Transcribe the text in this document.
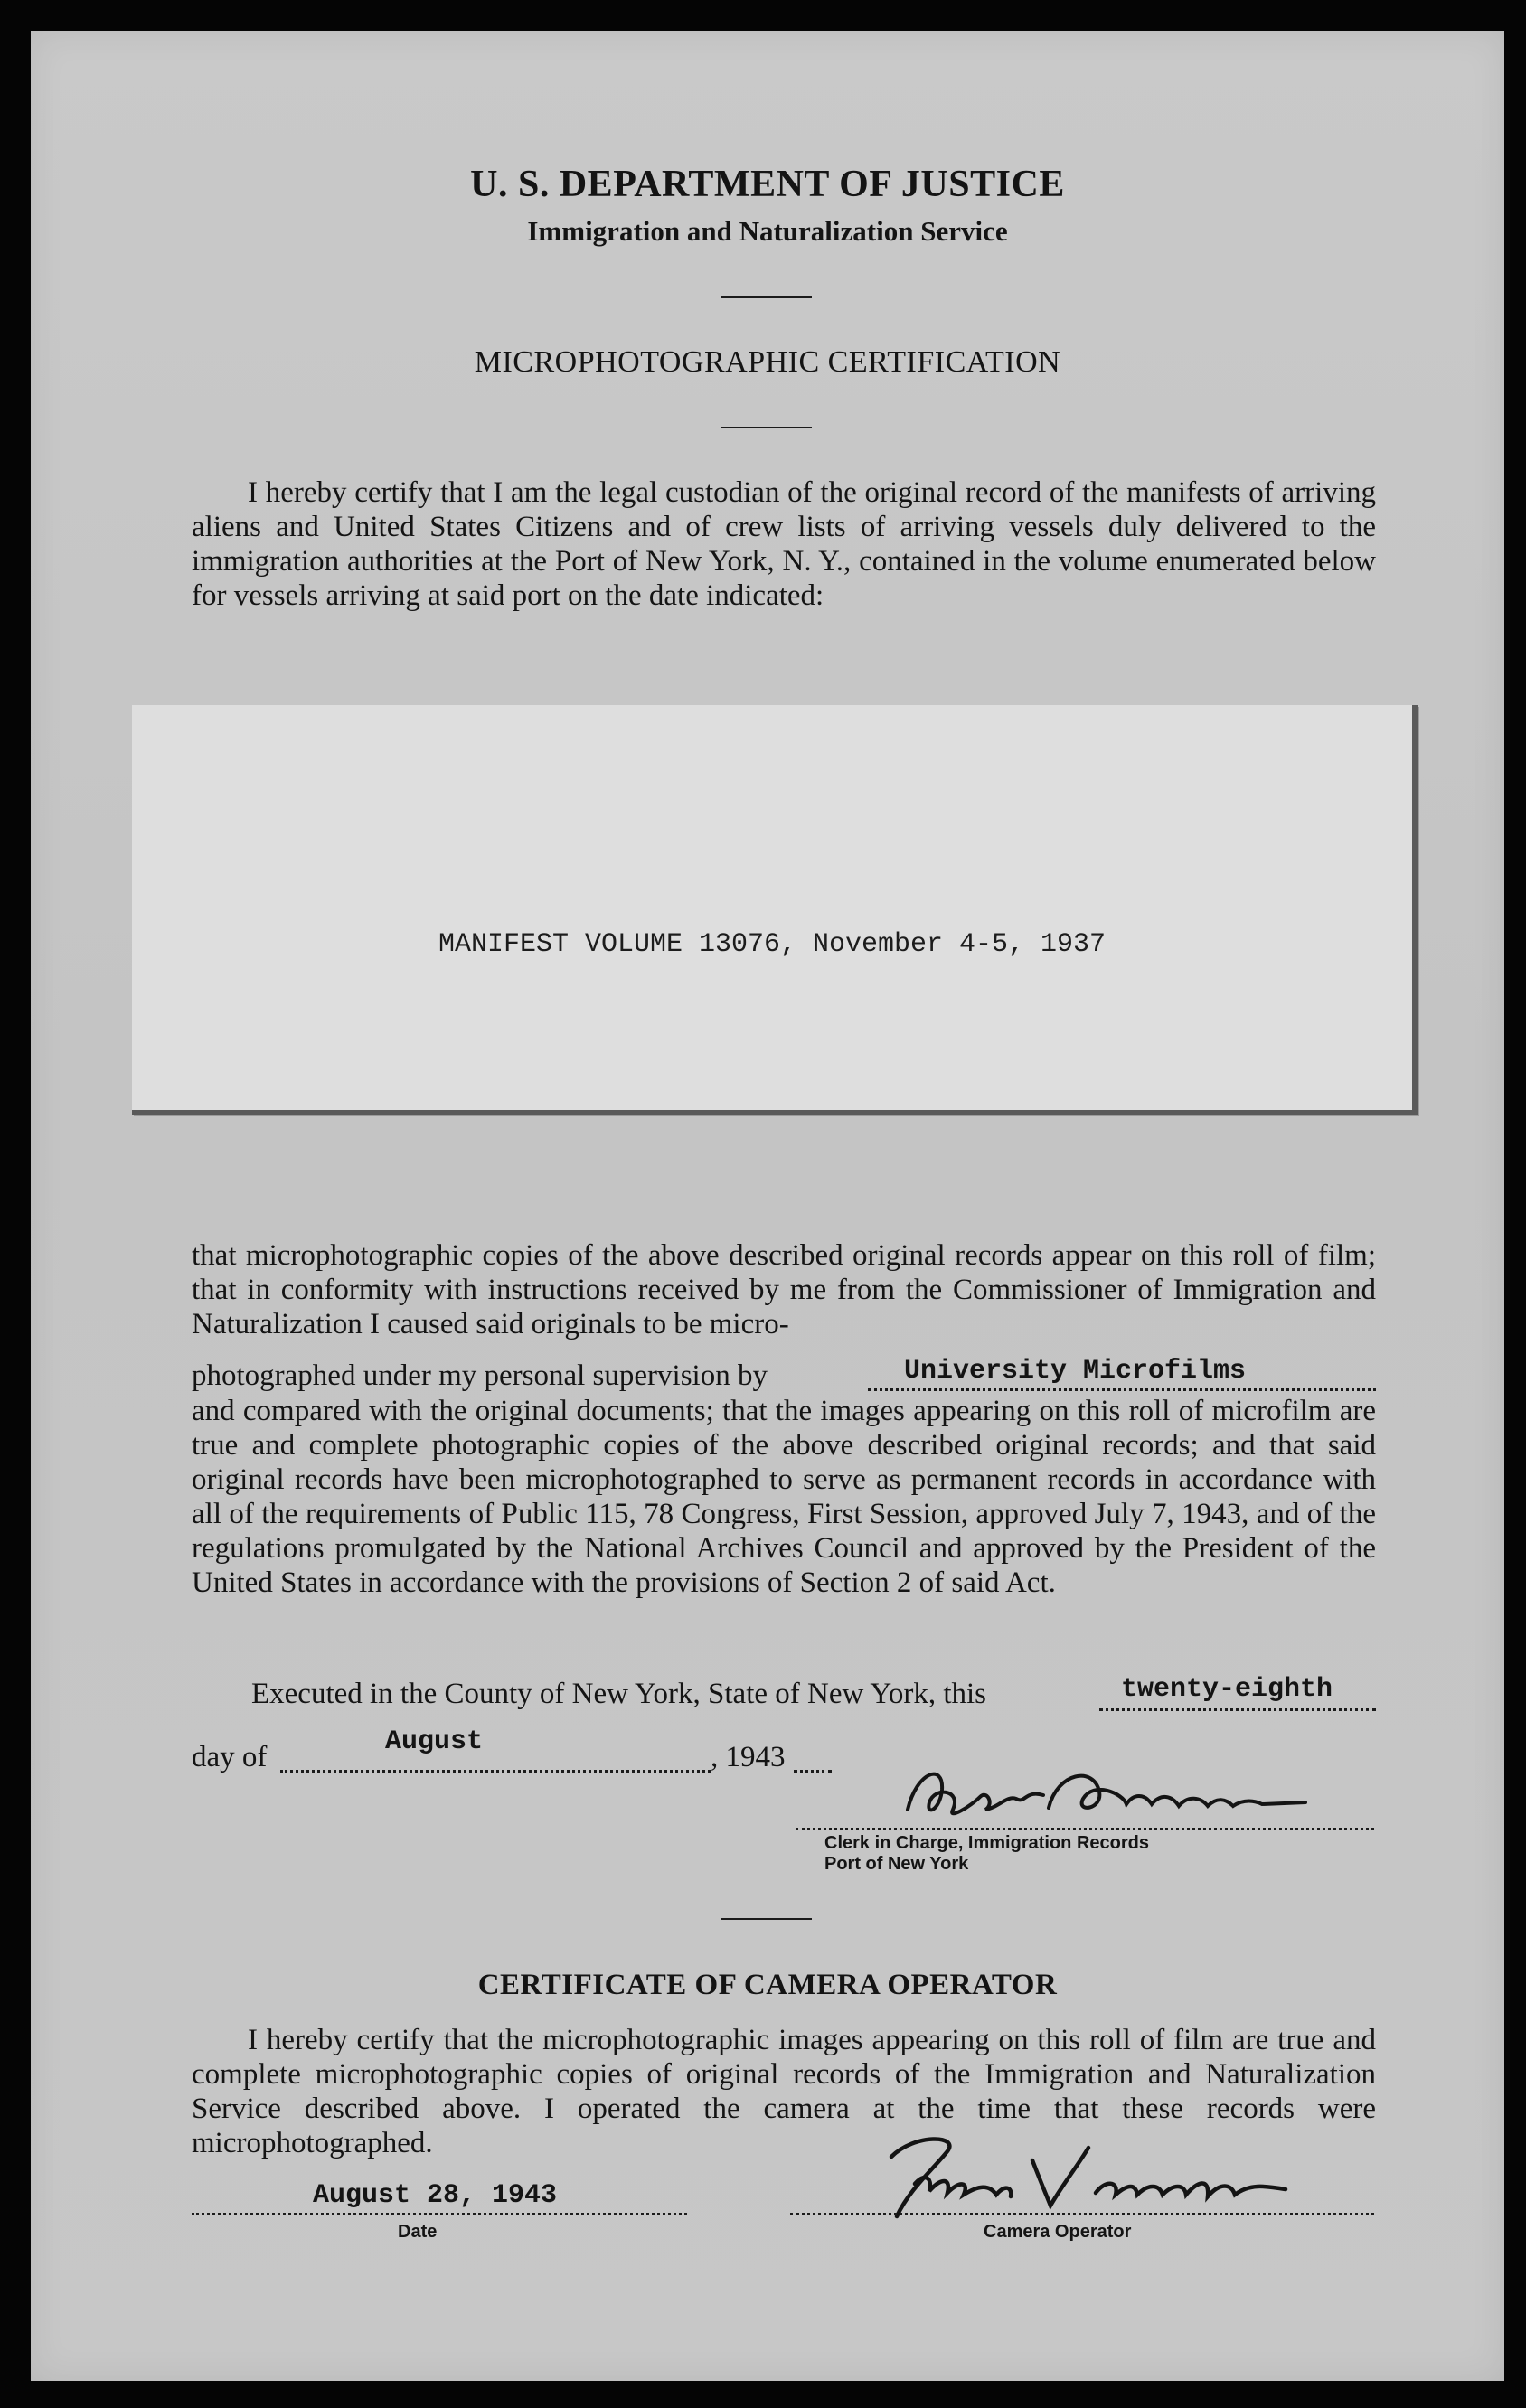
U. S. DEPARTMENT OF JUSTICE
Immigration and Naturalization Service
MICROPHOTOGRAPHIC CERTIFICATION
I hereby certify that I am the legal custodian of the original record of the manifests of arriving aliens and United States Citizens and of crew lists of arriving vessels duly delivered to the immigration authorities at the Port of New York, N. Y., contained in the volume enumerated below for vessels arriving at said port on the date indicated:
MANIFEST VOLUME 13076, November 4-5, 1937
that microphotographic copies of the above described original records appear on this roll of film; that in conformity with instructions received by me from the Commissioner of Immigration and Naturalization I caused said originals to be micro-
photographed under my personal supervision by	University Microfilms
and compared with the original documents; that the images appearing on this roll of microfilm are true and complete photographic copies of the above described original records; and that said original records have been microphotographed to serve as permanent records in accordance with all of the requirements of Public 115, 78 Congress, First Session, approved July 7, 1943, and of the regulations promulgated by the National Archives Council and approved by the President of the United States in accordance with the provisions of Section 2 of said Act.
Executed in the County of New York, State of New York, this	twenty-eighth
day of	August	, 1943
Clerk in Charge, Immigration Records
Port of New York
CERTIFICATE OF CAMERA OPERATOR
I hereby certify that the microphotographic images appearing on this roll of film are true and complete microphotographic copies of original records of the Immigration and Naturalization Service described above. I operated the camera at the time that these records were microphotographed.
August 28, 1943
Date	Camera Operator
